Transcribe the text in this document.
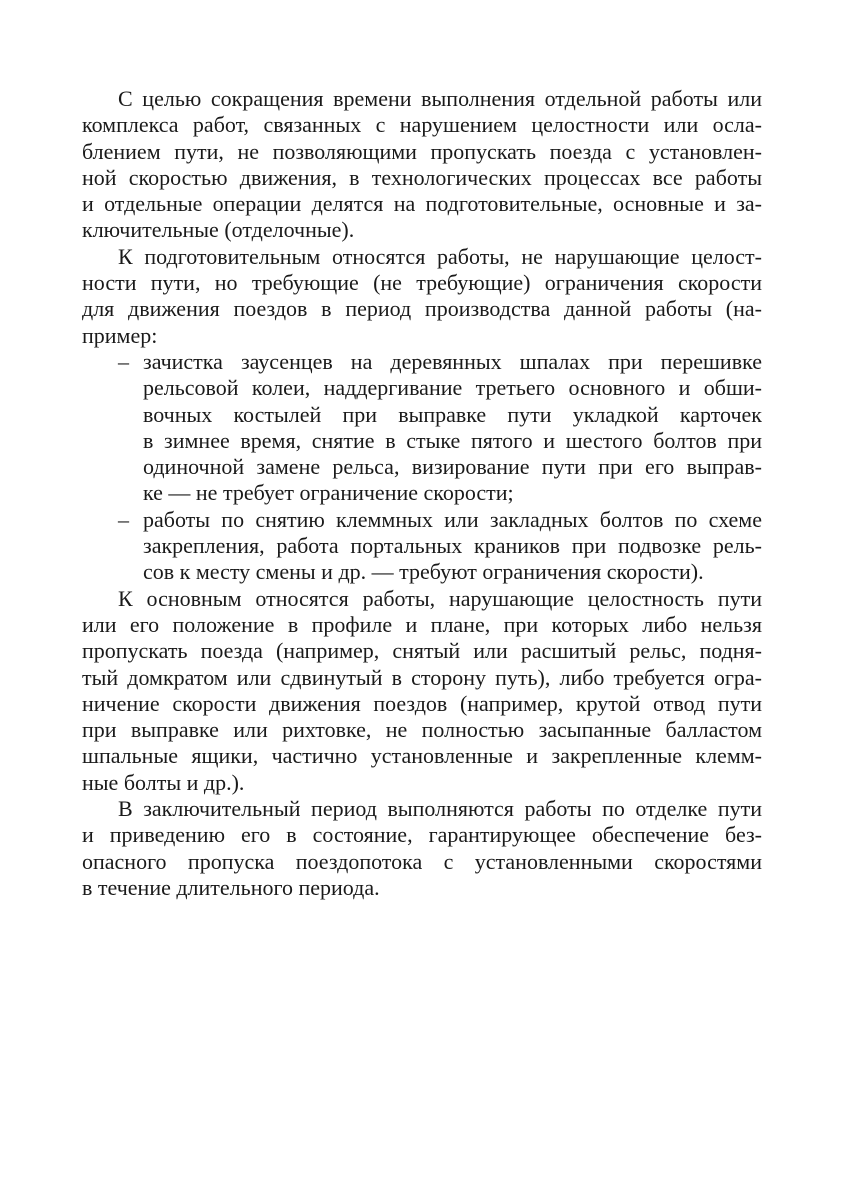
С целью сокращения времени выполнения отдельной работы или
комплекса работ, связанных с нарушением целостности или осла-
блением пути, не позволяющими пропускать поезда с установлен-
ной скоростью движения, в технологических процессах все работы
и отдельные операции делятся на подготовительные, основные и за-
ключительные (отделочные).
К подготовительным относятся работы, не нарушающие целост-
ности пути, но требующие (не требующие) ограничения скорости
для движения поездов в период производства данной работы (на-
пример:
– зачистка заусенцев на деревянных шпалах при перешивке
рельсовой колеи, наддергивание третьего основного и обши-
вочных костылей при выправке пути укладкой карточек
в зимнее время, снятие в стыке пятого и шестого болтов при
одиночной замене рельса, визирование пути при его выправ-
ке — не требует ограничение скорости;
– работы по снятию клеммных или закладных болтов по схеме
закрепления, работа портальных краников при подвозке рель-
сов к месту смены и др. — требуют ограничения скорости).
К основным относятся работы, нарушающие целостность пути
или его положение в профиле и плане, при которых либо нельзя
пропускать поезда (например, снятый или расшитый рельс, подня-
тый домкратом или сдвинутый в сторону путь), либо требуется огра-
ничение скорости движения поездов (например, крутой отвод пути
при выправке или рихтовке, не полностью засыпанные балластом
шпальные ящики, частично установленные и закрепленные клемм-
ные болты и др.).
В заключительный период выполняются работы по отделке пути
и приведению его в состояние, гарантирующее обеспечение без-
опасного пропуска поездопотока с установленными скоростями
в течение длительного периода.
